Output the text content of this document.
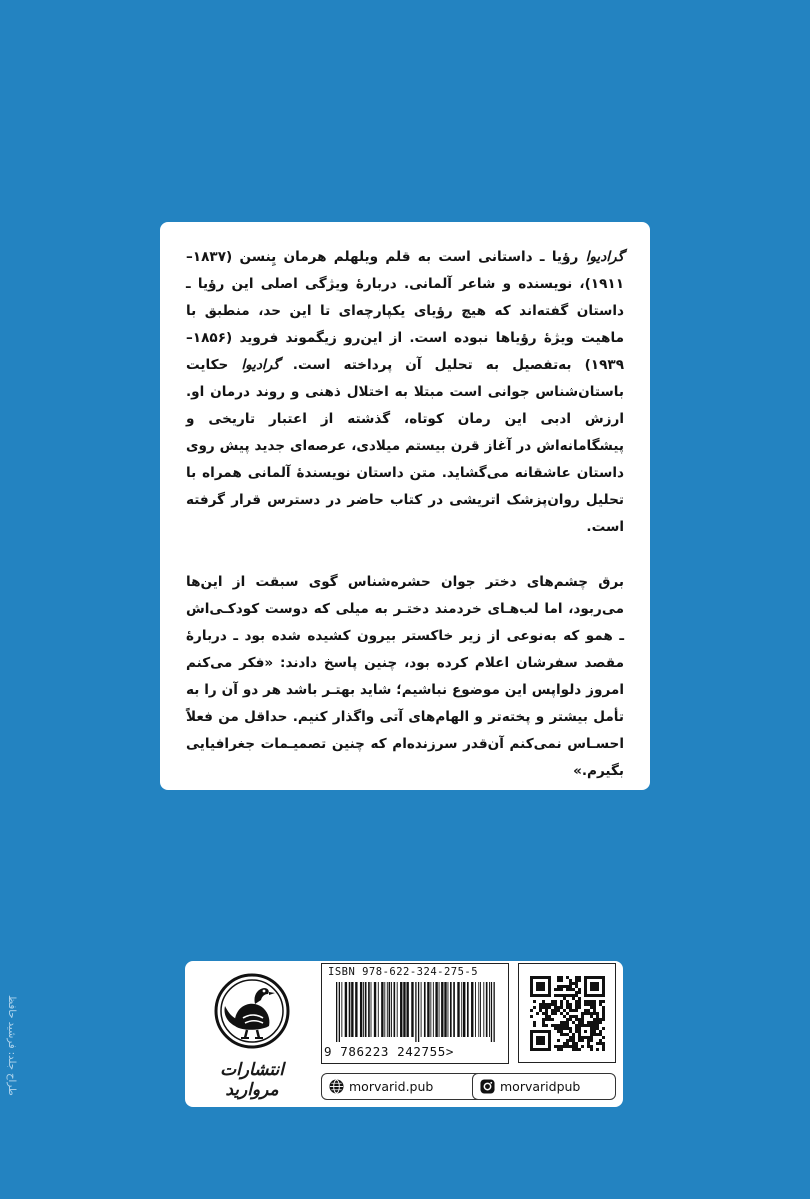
گرادیوا رؤیا ـ داستانی است به قلم ویلهلم هرمان یِنسن (۱۸۳۷–۱۹۱۱)، نویسنده و شاعر آلمانی. دربارهٔ ویژگی اصلی این رؤیا ـ داستان گفته‌اند که هیچ رؤیای یکپارچه‌ای تا این حد، منطبق با ماهیت ویژهٔ رؤیاها نبوده است. از این‌رو زیگموند فروید (۱۸۵۶–۱۹۳۹) به‌تفصیل به تحلیل آن پرداخته است. گرادیوا حکایت باستان‌شناس جوانی است مبتلا به اختلال ذهنی و روند درمان او. ارزش ادبی این رمان کوتاه، گذشته از اعتبار تاریخی و پیشگامانه‌اش در آغاز قرن بیستم میلادی، عرصه‌ای جدید پیش روی داستان عاشقانه می‌گشاید. متن داستان نویسندهٔ آلمانی همراه با تحلیل روان‌پزشک اتریشی در کتاب حاضر در دسترس قرار گرفته است.

برق چشم‌های دختر جوان حشره‌شناس گوی سبقت از این‌ها می‌ربود، اما لب‌هـای خردمند دختـر به میلی که دوست کودکـی‌اش ـ همو که به‌نوعی از زیر خاکستر بیرون کشیده شده بود ـ دربارهٔ مقصد سفرشان اعلام کرده بود، چنین پاسخ دادند: «فکر می‌کنم امروز دلواپس این موضوع نباشیم؛ شاید بهتـر باشد هر دو آن را به تأمل بیشتر و پخته‌تر و الهام‌های آتی واگذار کنیم. حداقل من فعلاً احسـاس نمی‌کنم آن‌قدر سرزنده‌ام که چنین تصمیـمات جغرافیایی بگیرم.»

طراح جلد: فرشید حافظ	انتشارات مروارید
ISBN 978-622-324-275-5
9 786223 242755>
morvarid.pub	morvaridpub
